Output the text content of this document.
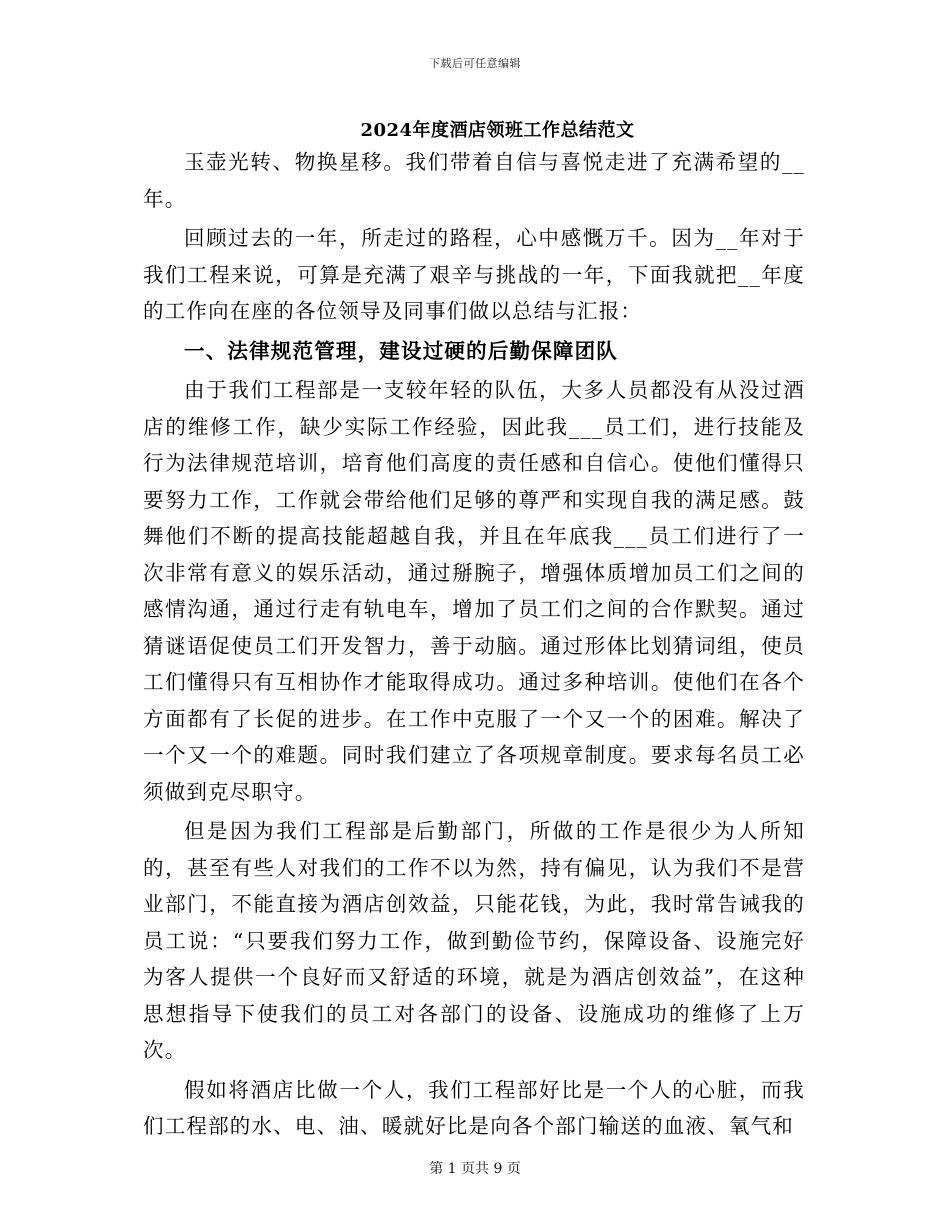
下载后可任意编辑
2024年度酒店领班工作总结范文

玉壶光转、物换星移。我们带着自信与喜悦走进了充满希望的__年。

回顾过去的一年，所走过的路程，心中感慨万千。因为__年对于我们工程来说，可算是充满了艰辛与挑战的一年，下面我就把__年度的工作向在座的各位领导及同事们做以总结与汇报：

一、法律规范管理，建设过硬的后勤保障团队

由于我们工程部是一支较年轻的队伍，大多人员都没有从没过酒店的维修工作，缺少实际工作经验，因此我___员工们，进行技能及行为法律规范培训，培育他们高度的责任感和自信心。使他们懂得只要努力工作，工作就会带给他们足够的尊严和实现自我的满足感。鼓舞他们不断的提高技能超越自我，并且在年底我___员工们进行了一次非常有意义的娱乐活动，通过掰腕子，增强体质增加员工们之间的感情沟通，通过行走有轨电车，增加了员工们之间的合作默契。通过猜谜语促使员工们开发智力，善于动脑。通过形体比划猜词组，使员工们懂得只有互相协作才能取得成功。通过多种培训。使他们在各个方面都有了长促的进步。在工作中克服了一个又一个的困难。解决了一个又一个的难题。同时我们建立了各项规章制度。要求每名员工必须做到克尽职守。

但是因为我们工程部是后勤部门，所做的工作是很少为人所知的，甚至有些人对我们的工作不以为然，持有偏见，认为我们不是营业部门，不能直接为酒店创效益，只能花钱，为此，我时常告诫我的员工说：“只要我们努力工作，做到勤俭节约，保障设备、设施完好为客人提供一个良好而又舒适的环境，就是为酒店创效益”，在这种思想指导下使我们的员工对各部门的设备、设施成功的维修了上万次。

假如将酒店比做一个人，我们工程部好比是一个人的心脏，而我们工程部的水、电、油、暖就好比是向各个部门输送的血液、氧气和

第 1 页共 9 页
